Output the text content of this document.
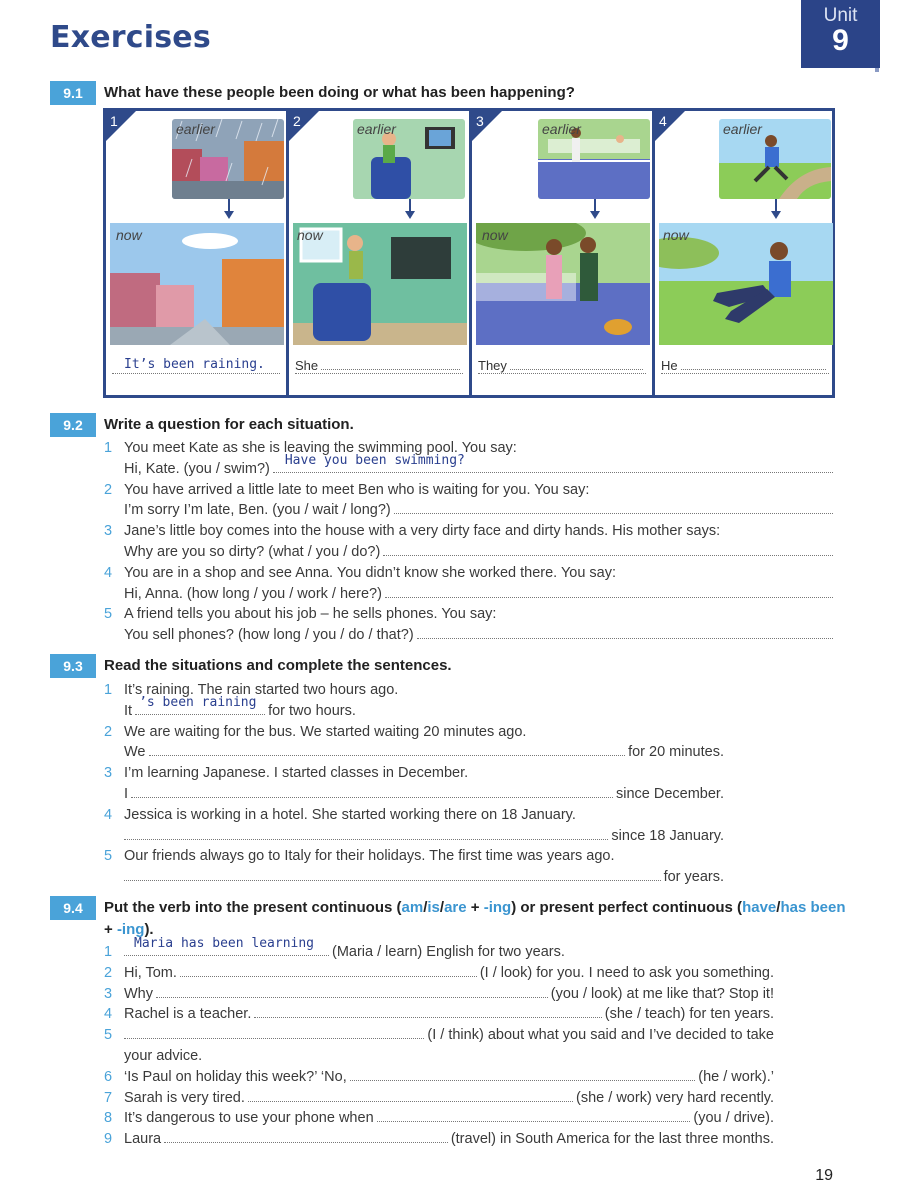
Exercises
Unit
9
9.1	What have these people been doing or what has been happening?
1	earlier
now
It’s been raining.
2	earlier
now
She
3	earlier
now
They
4	earlier
now
He
9.2	Write a question for each situation.
1 You meet Kate as she is leaving the swimming pool. You say:
Hi, Kate. (you / swim?)
Have you been swimming?
2 You have arrived a little late to meet Ben who is waiting for you. You say:
I’m sorry I’m late, Ben. (you / wait / long?)
3 Jane’s little boy comes into the house with a very dirty face and dirty hands. His mother says:
Why are you so dirty? (what / you / do?)
4 You are in a shop and see Anna. You didn’t know she worked there. You say:
Hi, Anna. (how long / you / work / here?)
5 A friend tells you about his job – he sells phones. You say:
You sell phones? (how long / you / do / that?)
9.3	Read the situations and complete the sentences.
1 It’s raining. The rain started two hours ago.
It
’s been raining
for two hours.
2 We are waiting for the bus. We started waiting 20 minutes ago.
We	for 20 minutes.
3 I’m learning Japanese. I started classes in December.
I	since December.
4 Jessica is working in a hotel. She started working there on 18 January.
since 18 January.
5 Our friends always go to Italy for their holidays. The first time was years ago.
for years.
9.4	Put the verb into the present continuous (am/is/are + -ing) or present perfect continuous (have/has been + -ing).
1
Maria has been learning
(Maria / learn) English for two years.
2 Hi, Tom.	(I / look) for you. I need to ask you something.
3 Why	(you / look) at me like that? Stop it!
4 Rachel is a teacher.	(she / teach) for ten years.
5	(I / think) about what you said and I’ve decided to take
your advice.
6 ‘Is Paul on holiday this week?’ ‘No,	(he / work).’
7 Sarah is very tired.	(she / work) very hard recently.
8 It’s dangerous to use your phone when	(you / drive).
9 Laura	(travel) in South America for the last three months.
19
